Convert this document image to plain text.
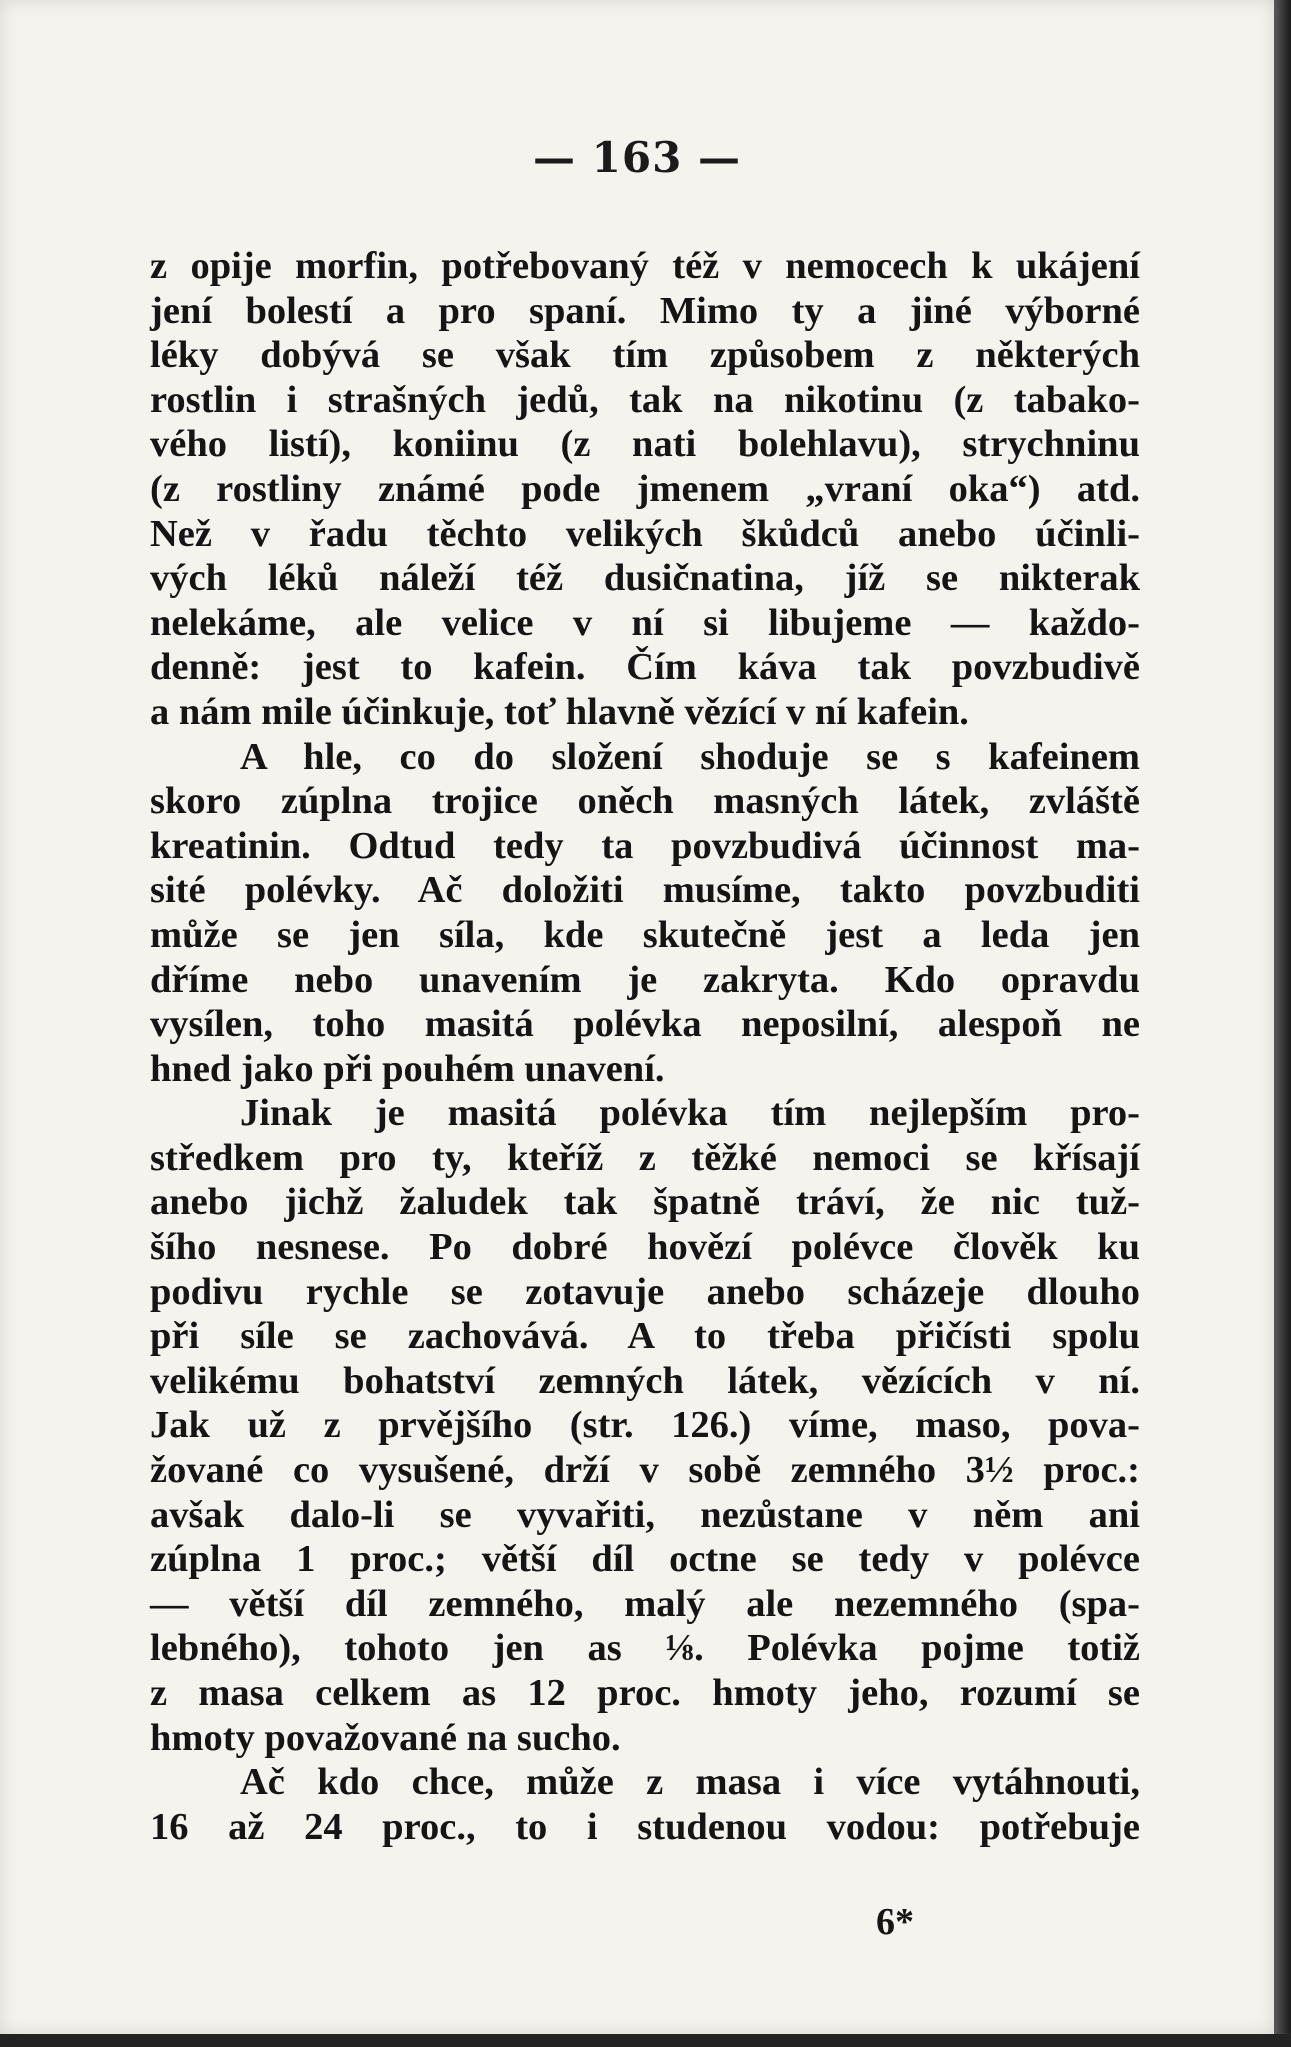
— 163 —
z opije morfin, potřebovaný též v nemocech k ukájení
jení bolestí a pro spaní. Mimo ty a jiné výborné
léky dobývá se však tím způsobem z některých
rostlin i strašných jedů, tak na nikotinu (z tabako-
vého listí), koniinu (z nati bolehlavu), strychninu
(z rostliny známé pode jmenem „vraní oka“) atd.
Než v řadu těchto velikých škůdců anebo účinli-
vých léků náleží též dusičnatina, jíž se nikterak
nelekáme, ale velice v ní si libujeme — každo-
denně: jest to kafein. Čím káva tak povzbudivě
a nám mile účinkuje, toť hlavně vězící v ní kafein.
A hle, co do složení shoduje se s kafeinem
skoro zúplna trojice oněch masných látek, zvláště
kreatinin. Odtud tedy ta povzbudivá účinnost ma-
sité polévky. Ač doložiti musíme, takto povzbuditi
může se jen síla, kde skutečně jest a leda jen
dříme nebo unavením je zakryta. Kdo opravdu
vysílen, toho masitá polévka neposilní, alespoň ne
hned jako při pouhém unavení.
Jinak je masitá polévka tím nejlepším pro-
středkem pro ty, kteříž z těžké nemoci se křísají
anebo jichž žaludek tak špatně tráví, že nic tuž-
šího nesnese. Po dobré hovězí polévce člověk ku
podivu rychle se zotavuje anebo scházeje dlouho
při síle se zachovává. A to třeba přičísti spolu
velikému bohatství zemných látek, vězících v ní.
Jak už z prvějšího (str. 126.) víme, maso, pova-
žované co vysušené, drží v sobě zemného 3½ proc.:
avšak dalo-li se vyvařiti, nezůstane v něm ani
zúplna 1 proc.; větší díl octne se tedy v polévce
— větší díl zemného, malý ale nezemného (spa-
lebného), tohoto jen as ⅛. Polévka pojme totiž
z masa celkem as 12 proc. hmoty jeho, rozumí se
hmoty považované na sucho.
Ač kdo chce, může z masa i více vytáhnouti,
16 až 24 proc., to i studenou vodou: potřebuje
6*
